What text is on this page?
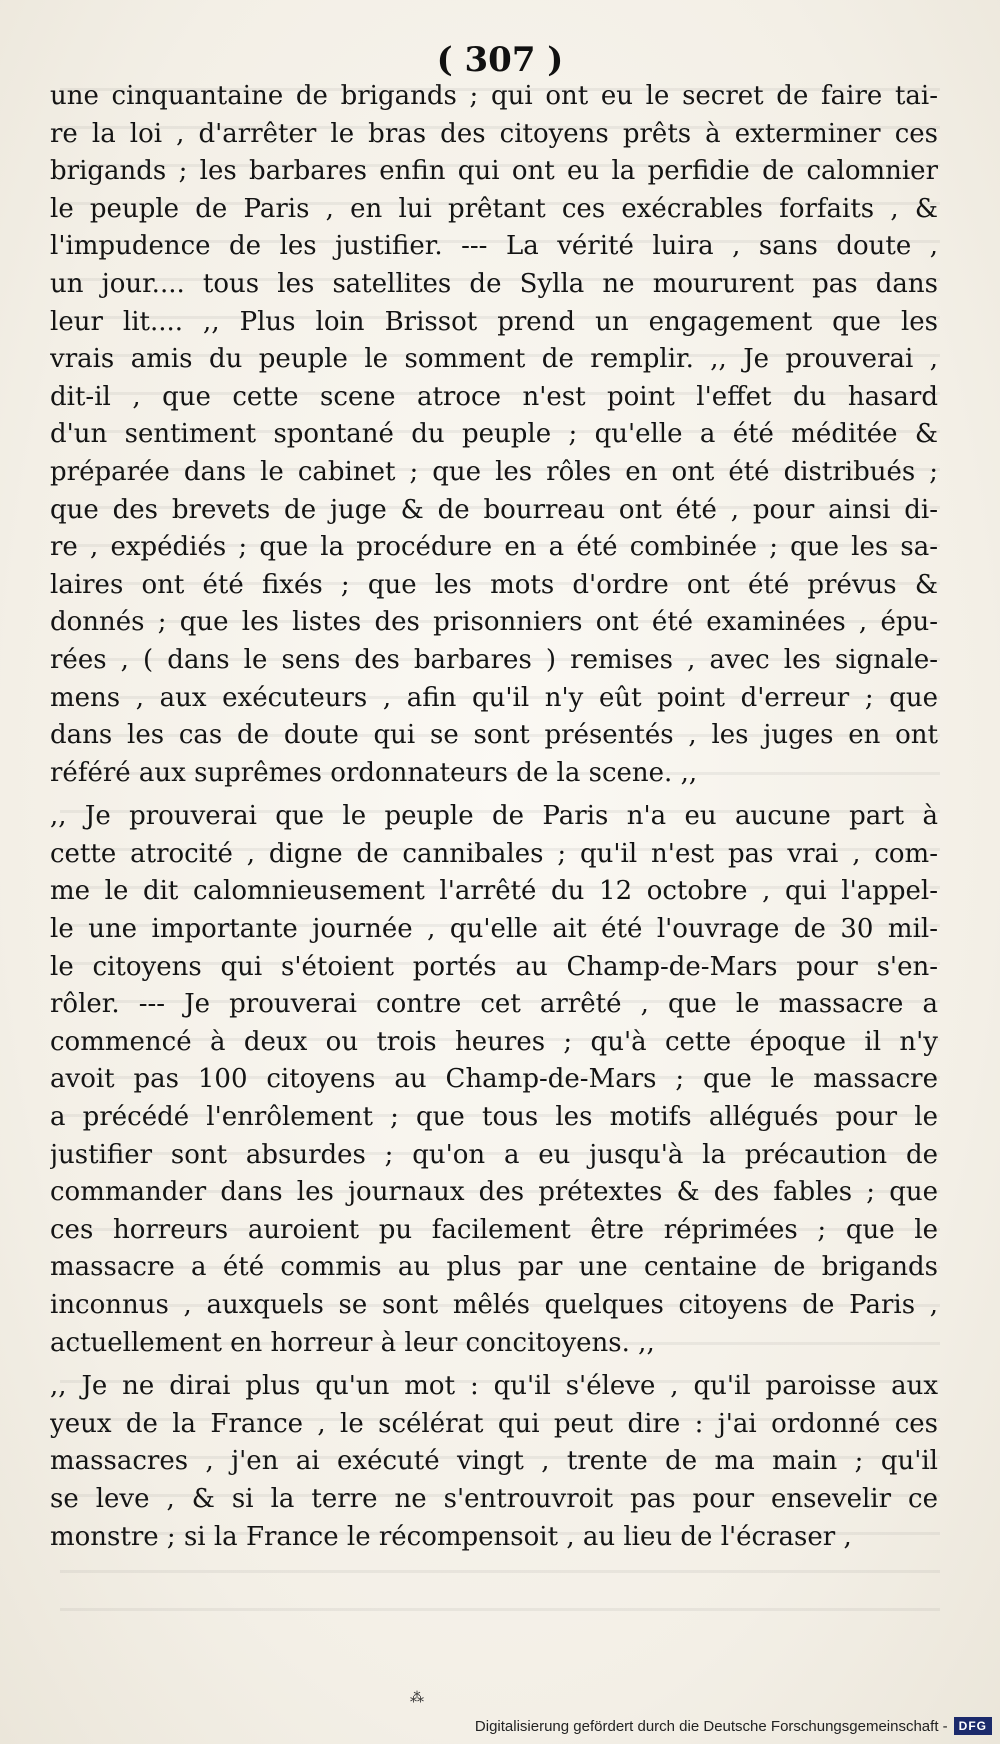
( 307 )
une cinquantaine de brigands ; qui ont eu le secret de faire tai-
re la loi , d'arrêter le bras des citoyens prêts à exterminer ces
brigands ; les barbares enfin qui ont eu la perfidie de calomnier
le peuple de Paris , en lui prêtant ces exécrables forfaits , &
l'impudence de les justifier. --- La vérité luira , sans doute ,
un jour.... tous les satellites de Sylla ne moururent pas dans
leur lit.... ,, Plus loin Brissot prend un engagement que les
vrais amis du peuple le somment de remplir. ,, Je prouverai ,
dit-il , que cette scene atroce n'est point l'effet du hasard
d'un sentiment spontané du peuple ; qu'elle a été méditée &
préparée dans le cabinet ; que les rôles en ont été distribués ;
que des brevets de juge & de bourreau ont été , pour ainsi di-
re , expédiés ; que la procédure en a été combinée ; que les sa-
laires ont été fixés ; que les mots d'ordre ont été prévus &
donnés ; que les listes des prisonniers ont été examinées , épu-
rées , ( dans le sens des barbares ) remises , avec les signale-
mens , aux exécuteurs , afin qu'il n'y eût point d'erreur ; que
dans les cas de doute qui se sont présentés , les juges en ont
référé aux suprêmes ordonnateurs de la scene. ,,
,, Je prouverai que le peuple de Paris n'a eu aucune part à
cette atrocité , digne de cannibales ; qu'il n'est pas vrai , com-
me le dit calomnieusement l'arrêté du 12 octobre , qui l'appel-
le une importante journée , qu'elle ait été l'ouvrage de 30 mil-
le citoyens qui s'étoient portés au Champ-de-Mars pour s'en-
rôler. --- Je prouverai contre cet arrêté , que le massacre a
commencé à deux ou trois heures ; qu'à cette époque il n'y
avoit pas 100 citoyens au Champ-de-Mars ; que le massacre
a précédé l'enrôlement ; que tous les motifs allégués pour le
justifier sont absurdes ; qu'on a eu jusqu'à la précaution de
commander dans les journaux des prétextes & des fables ; que
ces horreurs auroient pu facilement être réprimées ; que le
massacre a été commis au plus par une centaine de brigands
inconnus , auxquels se sont mêlés quelques citoyens de Paris ,
actuellement en horreur à leur concitoyens. ,,
,, Je ne dirai plus qu'un mot : qu'il s'éleve , qu'il paroisse aux
yeux de la France , le scélérat qui peut dire : j'ai ordonné ces
massacres , j'en ai exécuté vingt , trente de ma main ; qu'il
se leve , & si la terre ne s'entrouvroit pas pour ensevelir ce
monstre ; si la France le récompensoit , au lieu de l'écraser ,
⁂
Digitalisierung gefördert durch die Deutsche Forschungsgemeinschaft - DFG
